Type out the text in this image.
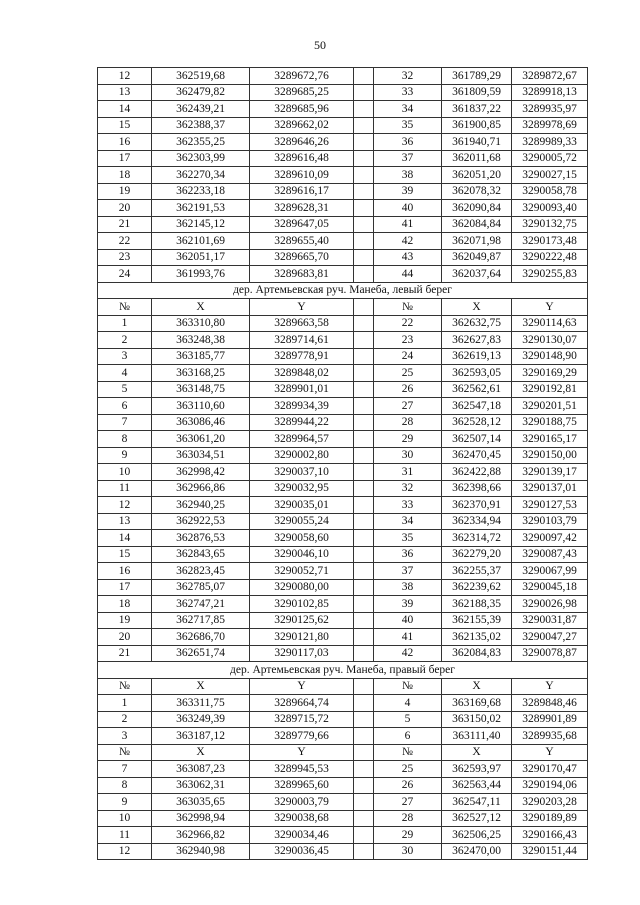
50
12	362519,68	3289672,76		32	361789,29	3289872,67
13	362479,82	3289685,25		33	361809,59	3289918,13
14	362439,21	3289685,96		34	361837,22	3289935,97
15	362388,37	3289662,02		35	361900,85	3289978,69
16	362355,25	3289646,26		36	361940,71	3289989,33
17	362303,99	3289616,48		37	362011,68	3290005,72
18	362270,34	3289610,09		38	362051,20	3290027,15
19	362233,18	3289616,17		39	362078,32	3290058,78
20	362191,53	3289628,31		40	362090,84	3290093,40
21	362145,12	3289647,05		41	362084,84	3290132,75
22	362101,69	3289655,40		42	362071,98	3290173,48
23	362051,17	3289665,70		43	362049,87	3290222,48
24	361993,76	3289683,81		44	362037,64	3290255,83
дер. Артемьевская руч. Манеба, левый берег						
№	X	Y		№	X	Y
1	363310,80	3289663,58		22	362632,75	3290114,63
2	363248,38	3289714,61		23	362627,83	3290130,07
3	363185,77	3289778,91		24	362619,13	3290148,90
4	363168,25	3289848,02		25	362593,05	3290169,29
5	363148,75	3289901,01		26	362562,61	3290192,81
6	363110,60	3289934,39		27	362547,18	3290201,51
7	363086,46	3289944,22		28	362528,12	3290188,75
8	363061,20	3289964,57		29	362507,14	3290165,17
9	363034,51	3290002,80		30	362470,45	3290150,00
10	362998,42	3290037,10		31	362422,88	3290139,17
11	362966,86	3290032,95		32	362398,66	3290137,01
12	362940,25	3290035,01		33	362370,91	3290127,53
13	362922,53	3290055,24		34	362334,94	3290103,79
14	362876,53	3290058,60		35	362314,72	3290097,42
15	362843,65	3290046,10		36	362279,20	3290087,43
16	362823,45	3290052,71		37	362255,37	3290067,99
17	362785,07	3290080,00		38	362239,62	3290045,18
18	362747,21	3290102,85		39	362188,35	3290026,98
19	362717,85	3290125,62		40	362155,39	3290031,87
20	362686,70	3290121,80		41	362135,02	3290047,27
21	362651,74	3290117,03		42	362084,83	3290078,87
дер. Артемьевская руч. Манеба, правый берег						
№	X	Y		№	X	Y
1	363311,75	3289664,74		4	363169,68	3289848,46
2	363249,39	3289715,72		5	363150,02	3289901,89
3	363187,12	3289779,66		6	363111,40	3289935,68
№	X	Y		№	X	Y
7	363087,23	3289945,53		25	362593,97	3290170,47
8	363062,31	3289965,60		26	362563,44	3290194,06
9	363035,65	3290003,79		27	362547,11	3290203,28
10	362998,94	3290038,68		28	362527,12	3290189,89
11	362966,82	3290034,46		29	362506,25	3290166,43
12	362940,98	3290036,45		30	362470,00	3290151,44
